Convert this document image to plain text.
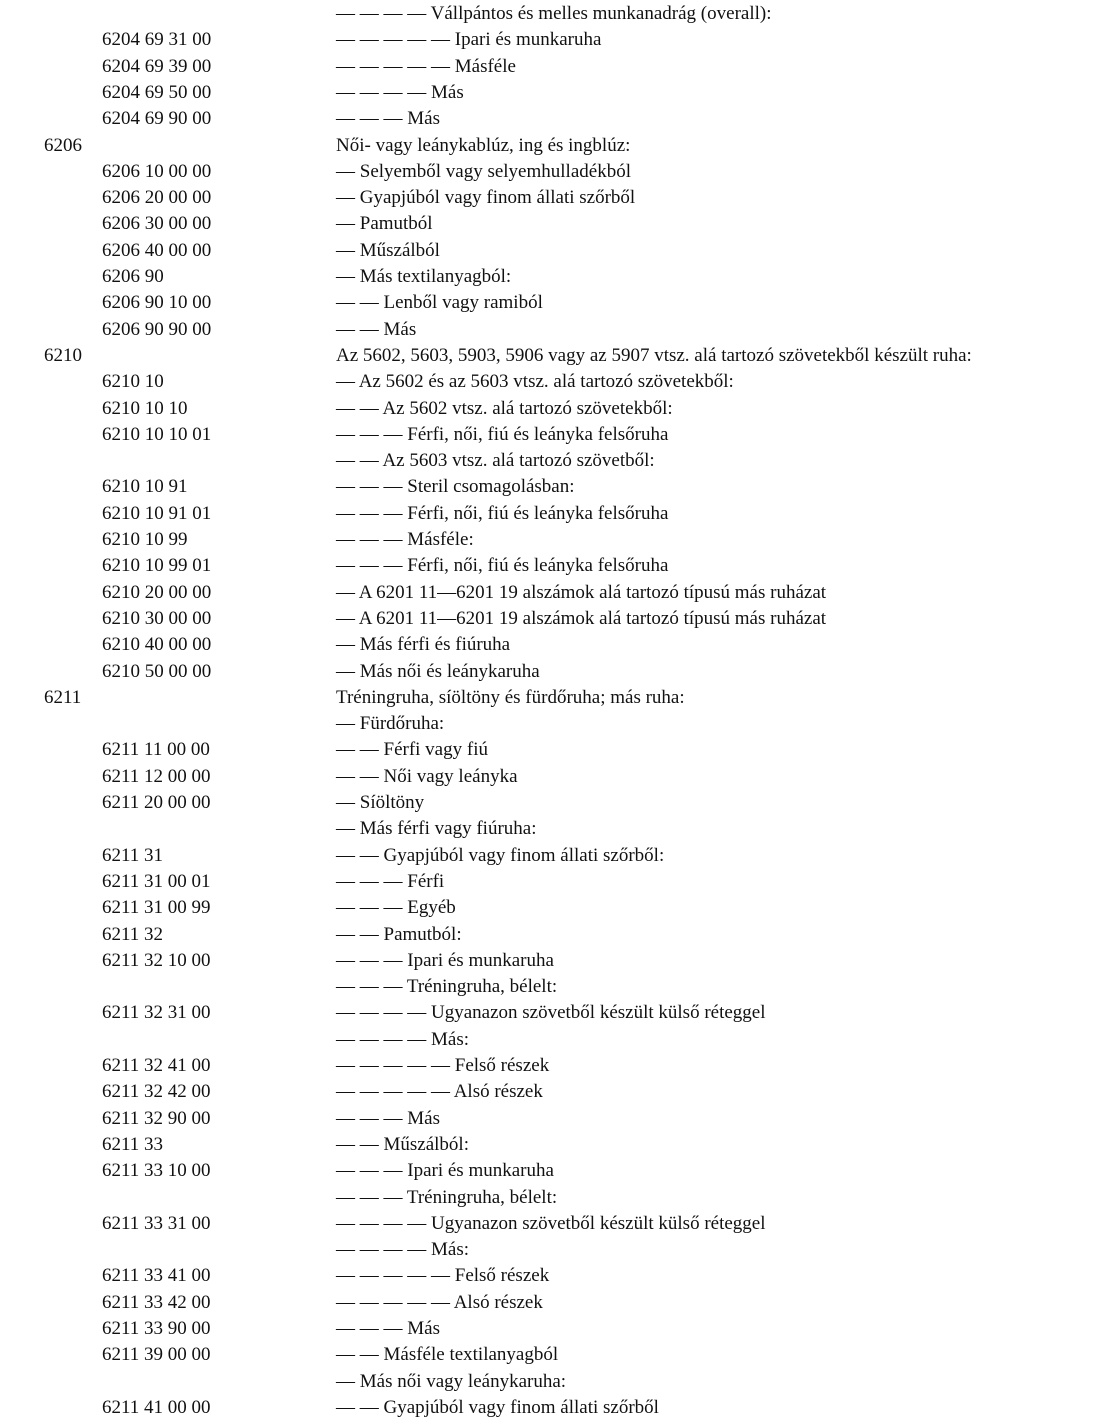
— — — — Vállpántos és melles munkanadrág (overall):
6204 69 31 00	— — — — — Ipari és munkaruha
6204 69 39 00	— — — — — Másféle
6204 69 50 00	— — — — Más
6204 69 90 00	— — — Más
6206	Női- vagy leánykablúz, ing és ingblúz:
6206 10 00 00	— Selyemből vagy selyemhulladékból
6206 20 00 00	— Gyapjúból vagy finom állati szőrből
6206 30 00 00	— Pamutból
6206 40 00 00	— Műszálból
6206 90	— Más textilanyagból:
6206 90 10 00	— — Lenből vagy ramiból
6206 90 90 00	— — Más
6210	Az 5602, 5603, 5903, 5906 vagy az 5907 vtsz. alá tartozó szövetekből készült ruha:
6210 10	— Az 5602 és az 5603 vtsz. alá tartozó szövetekből:
6210 10 10	— — Az 5602 vtsz. alá tartozó szövetekből:
6210 10 10 01	— — — Férfi, női, fiú és leányka felsőruha
— — Az 5603 vtsz. alá tartozó szövetből:
6210 10 91	— — — Steril csomagolásban:
6210 10 91 01	— — — Férfi, női, fiú és leányka felsőruha
6210 10 99	— — — Másféle:
6210 10 99 01	— — — Férfi, női, fiú és leányka felsőruha
6210 20 00 00	— A 6201 11—6201 19 alszámok alá tartozó típusú más ruházat
6210 30 00 00	— A 6201 11—6201 19 alszámok alá tartozó típusú más ruházat
6210 40 00 00	— Más férfi és fiúruha
6210 50 00 00	— Más női és leánykaruha
6211	Tréningruha, síöltöny és fürdőruha; más ruha:
— Fürdőruha:
6211 11 00 00	— — Férfi vagy fiú
6211 12 00 00	— — Női vagy leányka
6211 20 00 00	— Síöltöny
— Más férfi vagy fiúruha:
6211 31	— — Gyapjúból vagy finom állati szőrből:
6211 31 00 01	— — — Férfi
6211 31 00 99	— — — Egyéb
6211 32	— — Pamutból:
6211 32 10 00	— — — Ipari és munkaruha
— — — Tréningruha, bélelt:
6211 32 31 00	— — — — Ugyanazon szövetből készült külső réteggel
— — — — Más:
6211 32 41 00	— — — — — Felső részek
6211 32 42 00	— — — — — Alsó részek
6211 32 90 00	— — — Más
6211 33	— — Műszálból:
6211 33 10 00	— — — Ipari és munkaruha
— — — Tréningruha, bélelt:
6211 33 31 00	— — — — Ugyanazon szövetből készült külső réteggel
— — — — Más:
6211 33 41 00	— — — — — Felső részek
6211 33 42 00	— — — — — Alsó részek
6211 33 90 00	— — — Más
6211 39 00 00	— — Másféle textilanyagból
— Más női vagy leánykaruha:
6211 41 00 00	— — Gyapjúból vagy finom állati szőrből
